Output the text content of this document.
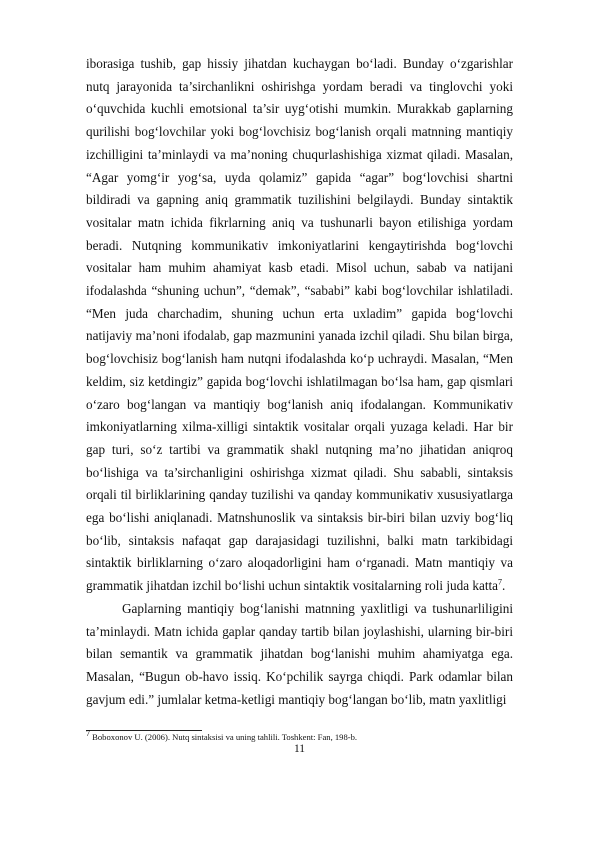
iborasiga tushib, gap hissiy jihatdan kuchaygan bo‘ladi. Bunday o‘zgarishlar nutq jarayonida ta’sirchanlikni oshirishga yordam beradi va tinglovchi yoki o‘quvchida kuchli emotsional ta’sir uyg‘otishi mumkin. Murakkab gaplarning qurilishi bog‘lovchilar yoki bog‘lovchisiz bog‘lanish orqali matnning mantiqiy izchilligini ta’minlaydi va ma’noning chuqurlashishiga xizmat qiladi. Masalan, “Agar yomg‘ir yog‘sa, uyda qolamiz” gapida “agar” bog‘lovchisi shartni bildiradi va gapning aniq grammatik tuzilishini belgilaydi. Bunday sintaktik vositalar matn ichida fikrlarning aniq va tushunarli bayon etilishiga yordam beradi. Nutqning kommunikativ imkoniyatlarini kengaytirishda bog‘lovchi vositalar ham muhim ahamiyat kasb etadi. Misol uchun, sabab va natijani ifodalashda “shuning uchun”, “demak”, “sababi” kabi bog‘lovchilar ishlatiladi. “Men juda charchadim, shuning uchun erta uxladim” gapida bog‘lovchi natijaviy ma’noni ifodalab, gap mazmunini yanada izchil qiladi. Shu bilan birga, bog‘lovchisiz bog‘lanish ham nutqni ifodalashda ko‘p uchraydi. Masalan, “Men keldim, siz ketdingiz” gapida bog‘lovchi ishlatilmagan bo‘lsa ham, gap qismlari o‘zaro bog‘langan va mantiqiy bog‘lanish aniq ifodalangan. Kommunikativ imkoniyatlarning xilma-xilligi sintaktik vositalar orqali yuzaga keladi. Har bir gap turi, so‘z tartibi va grammatik shakl nutqning ma’no jihatidan aniqroq bo‘lishiga va ta’sirchanligini oshirishga xizmat qiladi. Shu sababli, sintaksis orqali til birliklarining qanday tuzilishi va qanday kommunikativ xususiyatlarga ega bo‘lishi aniqlanadi. Matnshunoslik va sintaksis bir-biri bilan uzviy bog‘liq bo‘lib, sintaksis nafaqat gap darajasidagi tuzilishni, balki matn tarkibidagi sintaktik birliklarning o‘zaro aloqadorligini ham o‘rganadi. Matn mantiqiy va grammatik jihatdan izchil bo‘lishi uchun sintaktik vositalarning roli juda katta$^7$.

Gaplarning mantiqiy bog‘lanishi matnning yaxlitligi va tushunarliligini ta’minlaydi. Matn ichida gaplar qanday tartib bilan joylashishi, ularning bir-biri bilan semantik va grammatik jihatdan bog‘lanishi muhim ahamiyatga ega. Masalan, “Bugun ob-havo issiq. Ko‘pchilik sayrga chiqdi. Park odamlar bilan gavjum edi.” jumlalar ketma-ketligi mantiqiy bog‘langan bo‘lib, matn yaxlitligi

$^7$ Boboxonov U. (2006). Nutq sintaksisi va uning tahlili. Toshkent: Fan, 198-b.
11
